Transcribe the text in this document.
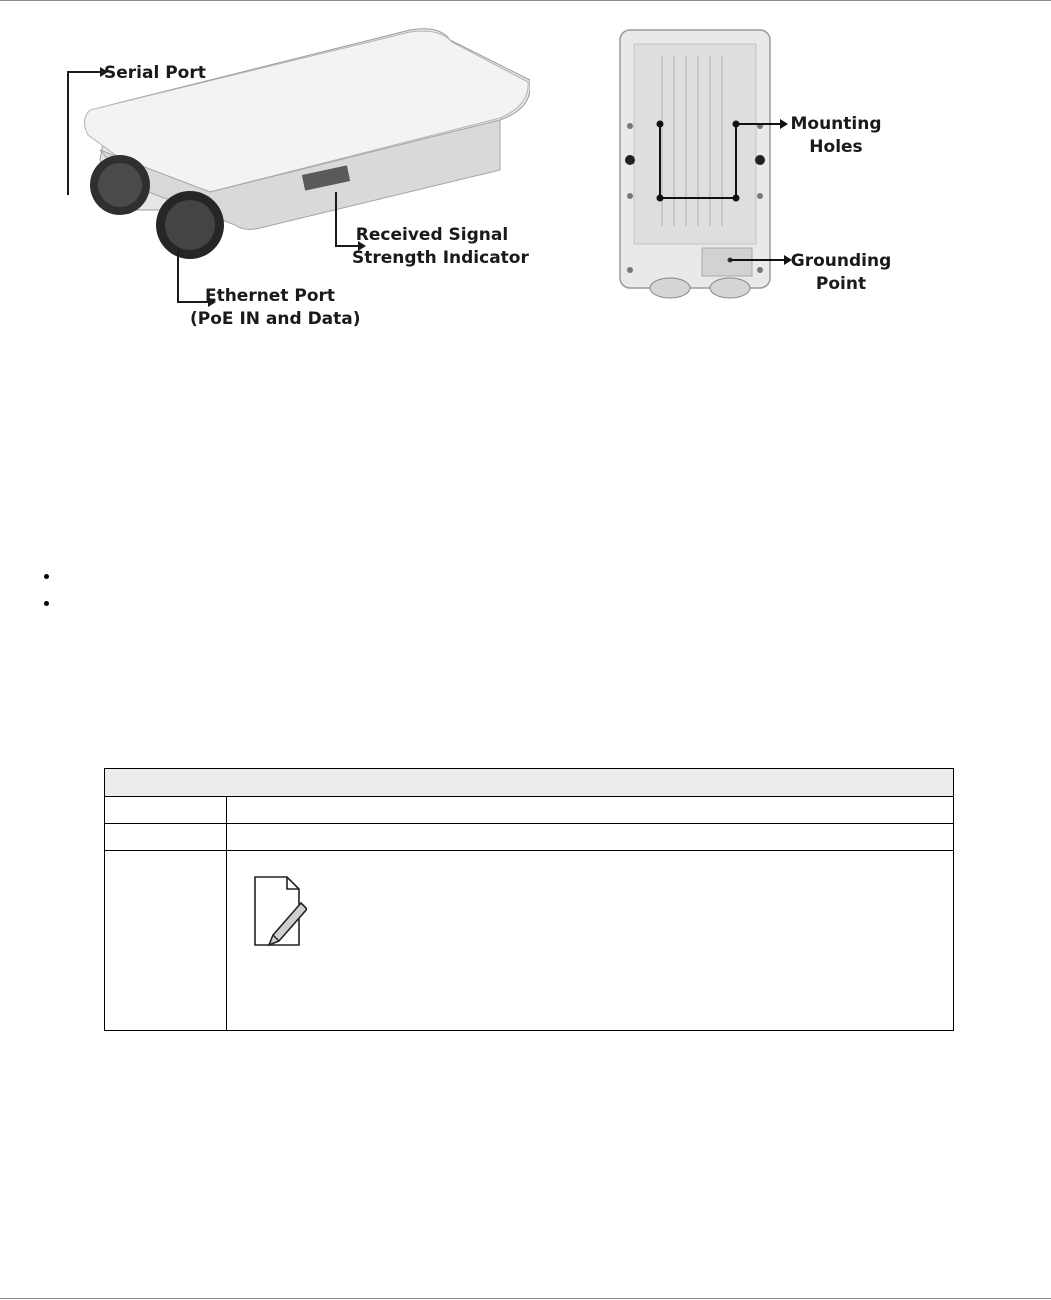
Serial Port
Received Signal
Strength Indicator
Ethernet Port
(PoE IN and Data)
Mounting
Holes
Grounding
Point
